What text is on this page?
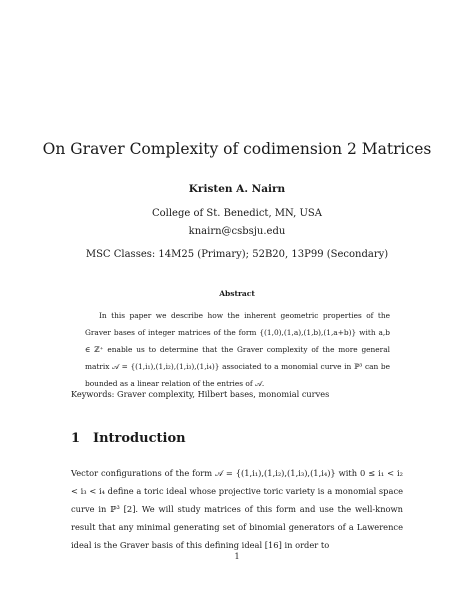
On Graver Complexity of codimension 2 Matrices
Kristen A. Nairn
College of St. Benedict, MN, USA
knairn@csbsju.edu
MSC Classes: 14M25 (Primary); 52B20, 13P99 (Secondary)
Abstract

In this paper we describe how the inherent geometric properties of the Graver bases of integer matrices of the form {(1,0),(1,a),(1,b),(1,a+b)} with a,b ∈ ℤ⁺ enable us to determine that the Graver complexity of the more general matrix 𝒜 = {(1,i₁),(1,i₂),(1,i₃),(1,i₄)} associated to a monomial curve in ℙ³ can be bounded as a linear relation of the entries of 𝒜.

Keywords: Graver complexity, Hilbert bases, monomial curves
1 Introduction

Vector configurations of the form 𝒜 = {(1,i₁),(1,i₂),(1,i₃),(1,i₄)} with 0 ≤ i₁ < i₂ < i₃ < i₄ define a toric ideal whose projective toric variety is a monomial space curve in ℙ³ [2]. We will study matrices of this form and use the well-known result that any minimal generating set of binomial generators of a Lawerence ideal is the Graver basis of this defining ideal [16] in order to

1
